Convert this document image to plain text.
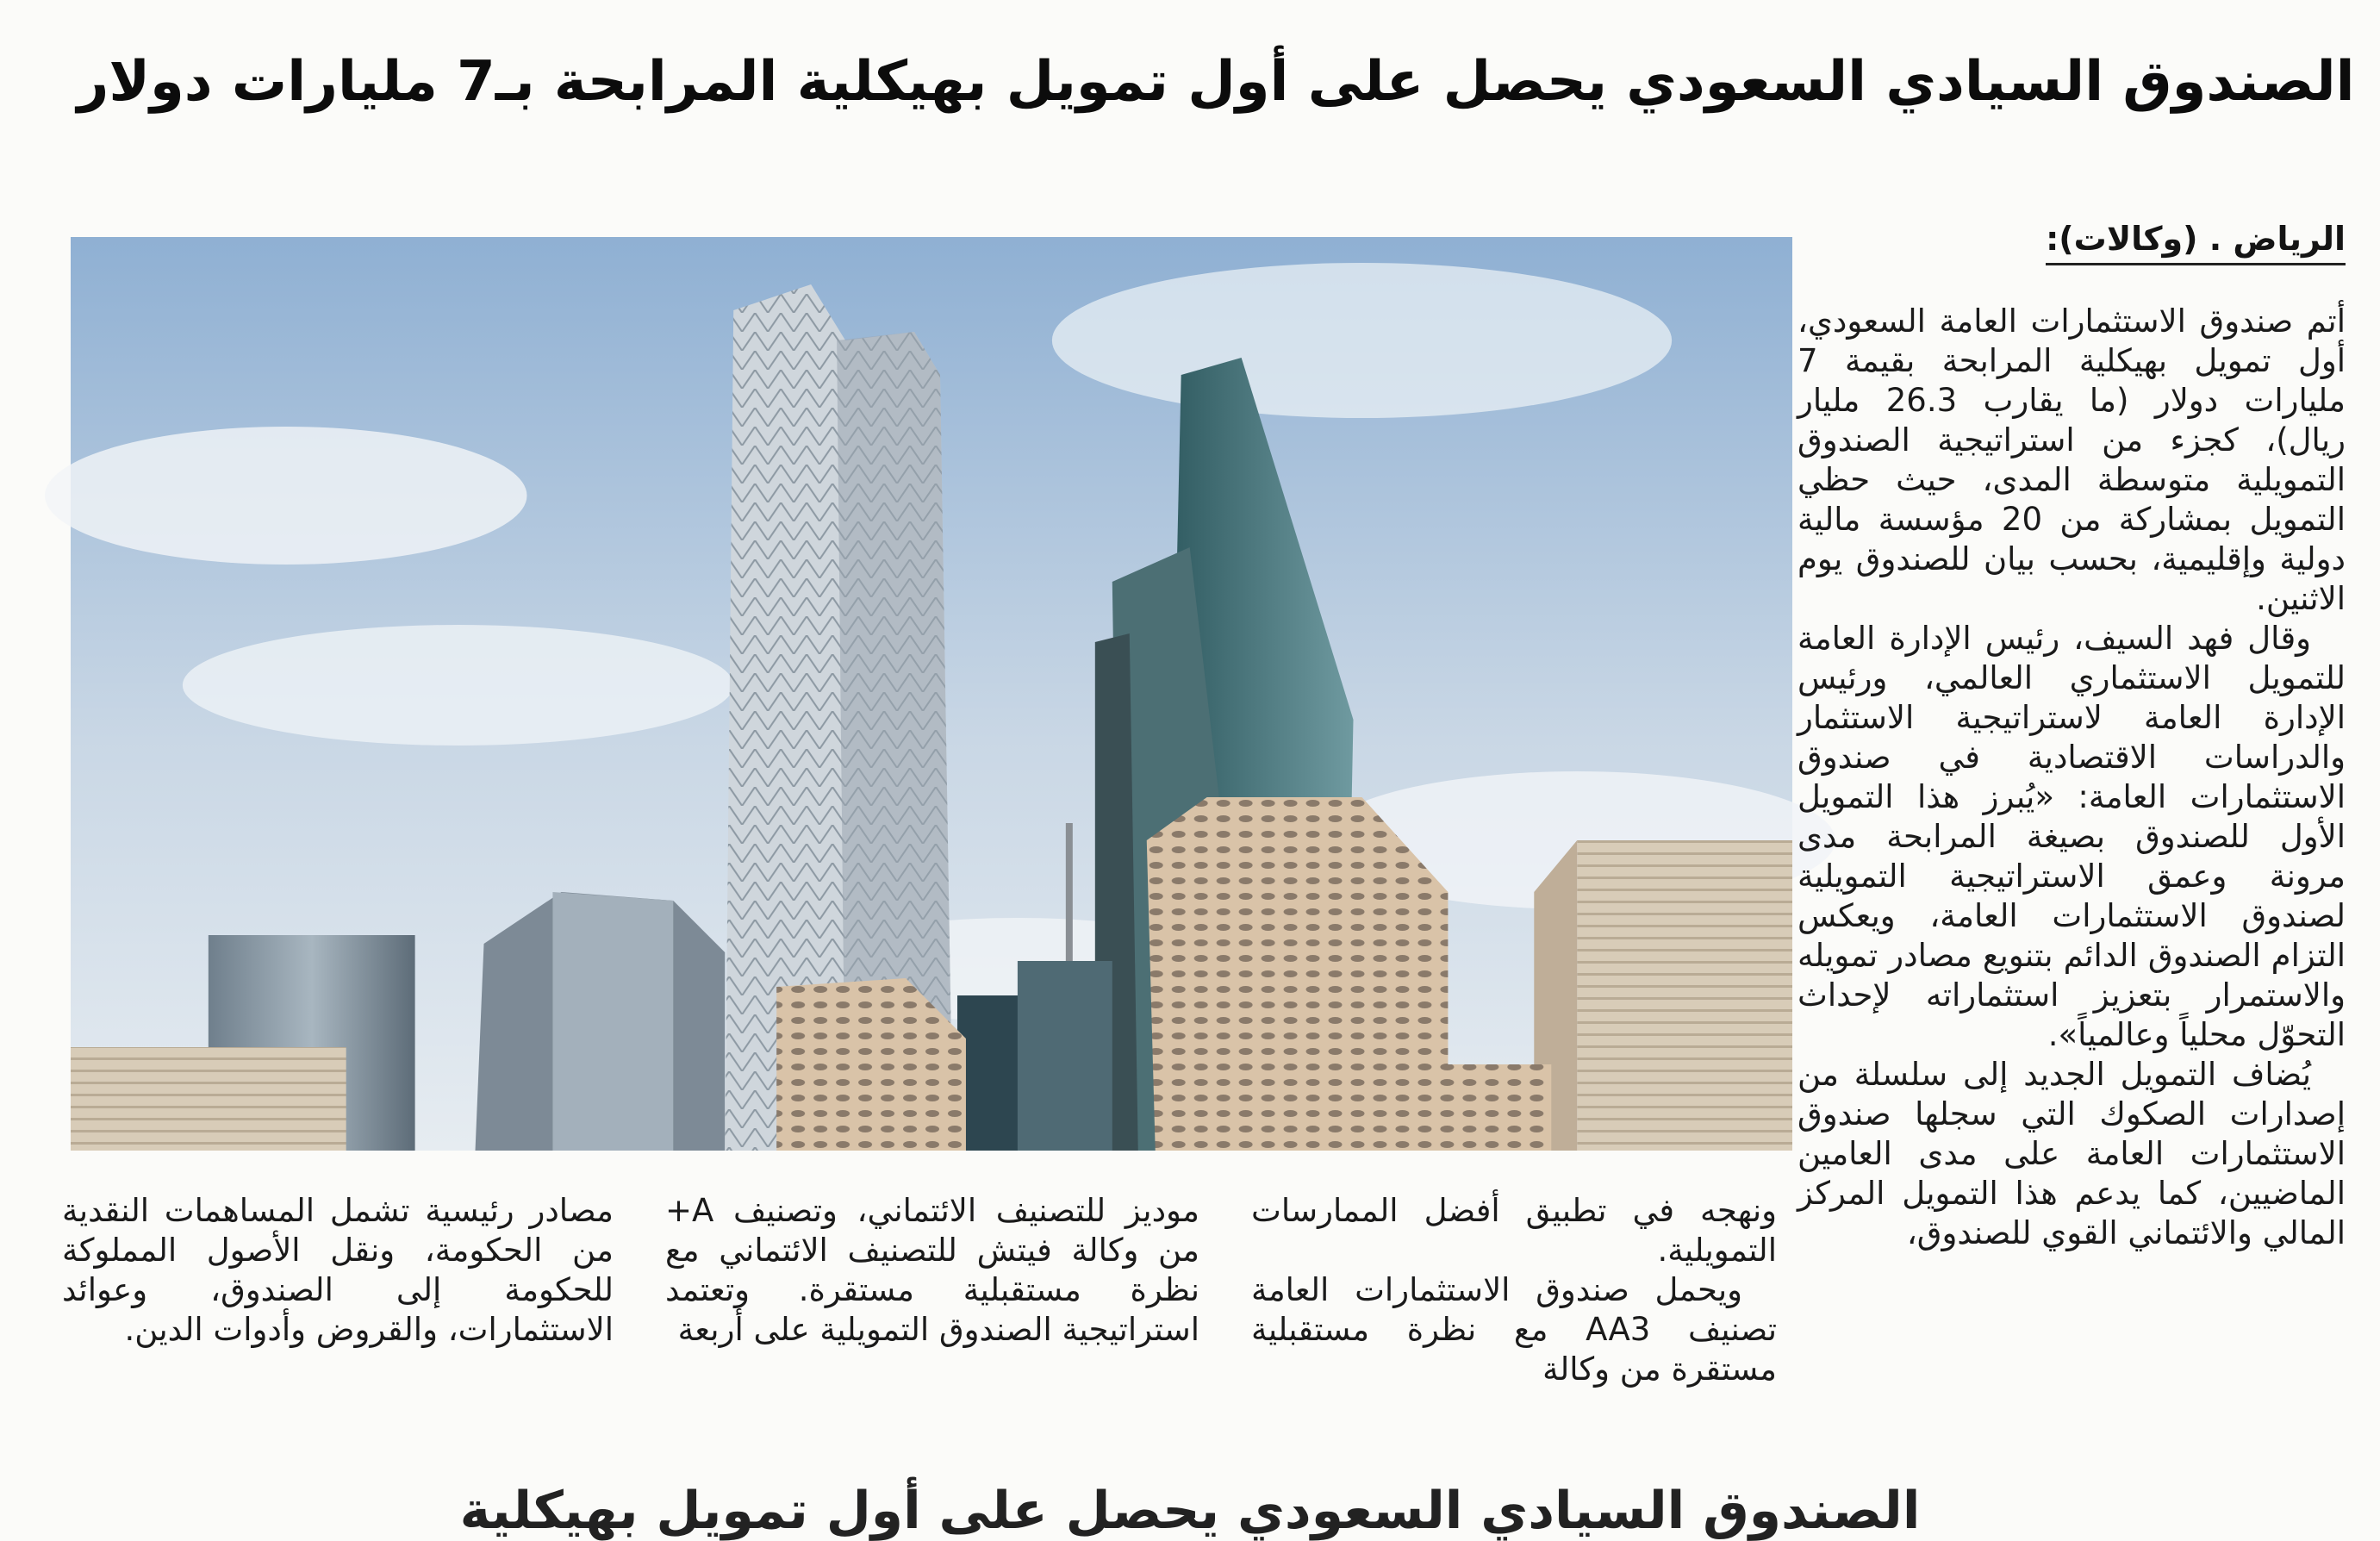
الصندوق السيادي السعودي يحصل على أول تمويل بهيكلية المرابحة بـ7 مليارات دولار
الرياض . (وكالات):

أتم صندوق الاستثمارات العامة السعودي، أول تمويل بهيكلية المرابحة بقيمة 7 مليارات دولار (ما يقارب 26.3 مليار ريال)، كجزء من استراتيجية الصندوق التمويلية متوسطة المدى، حيث حظي التمويل بمشاركة من 20 مؤسسة مالية دولية وإقليمية، بحسب بيان للصندوق يوم الاثنين.

وقال فهد السيف، رئيس الإدارة العامة للتمويل الاستثماري العالمي، ورئيس الإدارة العامة لاستراتيجية الاستثمار والدراسات الاقتصادية في صندوق الاستثمارات العامة: «يُبرز هذا التمويل الأول للصندوق بصيغة المرابحة مدى مرونة وعمق الاستراتيجية التمويلية لصندوق الاستثمارات العامة، ويعكس التزام الصندوق الدائم بتنويع مصادر تمويله والاستمرار بتعزيز استثماراته لإحداث التحوّل محلياً وعالمياً».

يُضاف التمويل الجديد إلى سلسلة من إصدارات الصكوك التي سجلها صندوق الاستثمارات العامة على مدى العامين الماضيين، كما يدعم هذا التمويل المركز المالي والائتماني القوي للصندوق،

ونهجه في تطبيق أفضل الممارسات التمويلية.

ويحمل صندوق الاستثمارات العامة تصنيف AA3 مع نظرة مستقبلية مستقرة من وكالة

موديز للتصنيف الائتماني، وتصنيف A+ من وكالة فيتش للتصنيف الائتماني مع نظرة مستقبلية مستقرة. وتعتمد استراتيجية الصندوق التمويلية على أربعة

مصادر رئيسية تشمل المساهمات النقدية من الحكومة، ونقل الأصول المملوكة للحكومة إلى الصندوق، وعوائد الاستثمارات، والقروض وأدوات الدين.

الصندوق السيادي السعودي يحصل على أول تمويل بهيكلية
